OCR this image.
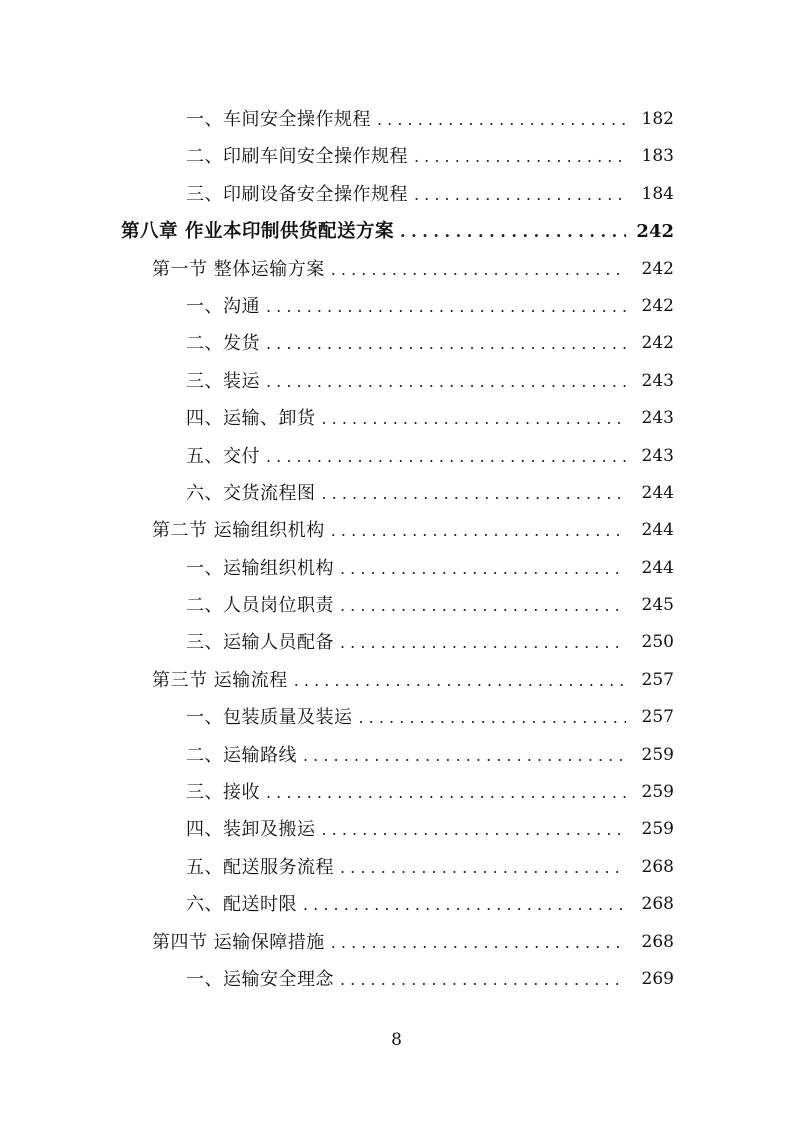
一、车间安全操作规程 . . .	182
二、印刷车间安全操作规程 . . .	183
三、印刷设备安全操作规程 . . .	184
第八章 作业本印制供货配送方案 . . .	242
第一节 整体运输方案 . . .	242
一、沟通 . . .	242
二、发货 . . .	242
三、装运 . . .	243
四、运输、卸货 . . .	243
五、交付 . . .	243
六、交货流程图 . . .	244
第二节 运输组织机构 . . .	244
一、运输组织机构 . . .	244
二、人员岗位职责 . . .	245
三、运输人员配备 . . .	250
第三节 运输流程 . . .	257
一、包装质量及装运 . . .	257
二、运输路线 . . .	259
三、接收 . . .	259
四、装卸及搬运 . . .	259
五、配送服务流程 . . .	268
六、配送时限 . . .	268
第四节 运输保障措施 . . .	268
一、运输安全理念 . . .	269
8
